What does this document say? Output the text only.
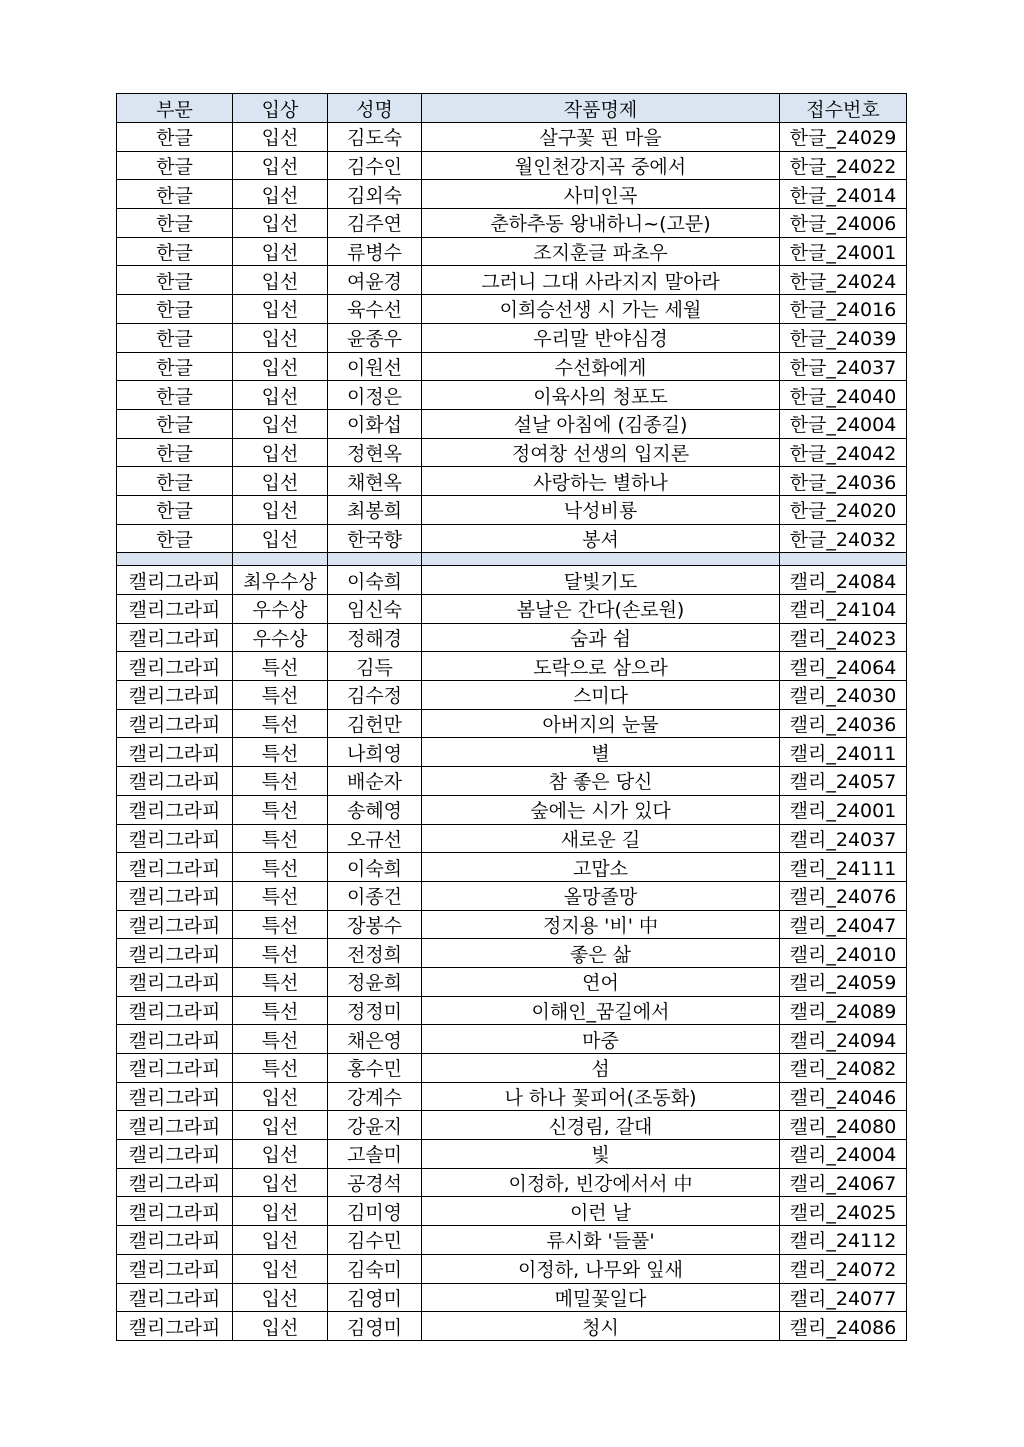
부문	입상	성명	작품명제	접수번호
한글	입선	김도숙	살구꽃 핀 마을	한글_24029
한글	입선	김수인	월인천강지곡 중에서	한글_24022
한글	입선	김외숙	사미인곡	한글_24014
한글	입선	김주연	춘하추동 왕내하니~(고문)	한글_24006
한글	입선	류병수	조지훈글 파초우	한글_24001
한글	입선	여윤경	그러니 그대 사라지지 말아라	한글_24024
한글	입선	육수선	이희승선생 시 가는 세월	한글_24016
한글	입선	윤종우	우리말 반야심경	한글_24039
한글	입선	이원선	수선화에게	한글_24037
한글	입선	이정은	이육사의 청포도	한글_24040
한글	입선	이화섭	설날 아침에 (김종길)	한글_24004
한글	입선	정현옥	정여창 선생의 입지론	한글_24042
한글	입선	채현옥	사랑하는 별하나	한글_24036
한글	입선	최봉희	낙성비룡	한글_24020
한글	입선	한국향	봉셔	한글_24032

캘리그라피	최우수상	이숙희	달빛기도	캘리_24084
캘리그라피	우수상	임신숙	봄날은 간다(손로원)	캘리_24104
캘리그라피	우수상	정해경	숨과 쉼	캘리_24023
캘리그라피	특선	김득	도락으로 삼으라	캘리_24064
캘리그라피	특선	김수정	스미다	캘리_24030
캘리그라피	특선	김헌만	아버지의 눈물	캘리_24036
캘리그라피	특선	나희영	별	캘리_24011
캘리그라피	특선	배순자	참 좋은 당신	캘리_24057
캘리그라피	특선	송혜영	숲에는 시가 있다	캘리_24001
캘리그라피	특선	오규선	새로운 길	캘리_24037
캘리그라피	특선	이숙희	고맙소	캘리_24111
캘리그라피	특선	이종건	올망졸망	캘리_24076
캘리그라피	특선	장봉수	정지용 '비' 中	캘리_24047
캘리그라피	특선	전정희	좋은 삶	캘리_24010
캘리그라피	특선	정윤희	연어	캘리_24059
캘리그라피	특선	정정미	이해인_꿈길에서	캘리_24089
캘리그라피	특선	채은영	마중	캘리_24094
캘리그라피	특선	홍수민	섬	캘리_24082
캘리그라피	입선	강계수	나 하나 꽃피어(조동화)	캘리_24046
캘리그라피	입선	강윤지	신경림, 갈대	캘리_24080
캘리그라피	입선	고솔미	빛	캘리_24004
캘리그라피	입선	공경석	이정하, 빈강에서서 中	캘리_24067
캘리그라피	입선	김미영	이런 날	캘리_24025
캘리그라피	입선	김수민	류시화 '들풀'	캘리_24112
캘리그라피	입선	김숙미	이정하, 나무와 잎새	캘리_24072
캘리그라피	입선	김영미	메밀꽃일다	캘리_24077
캘리그라피	입선	김영미	청시	캘리_24086
